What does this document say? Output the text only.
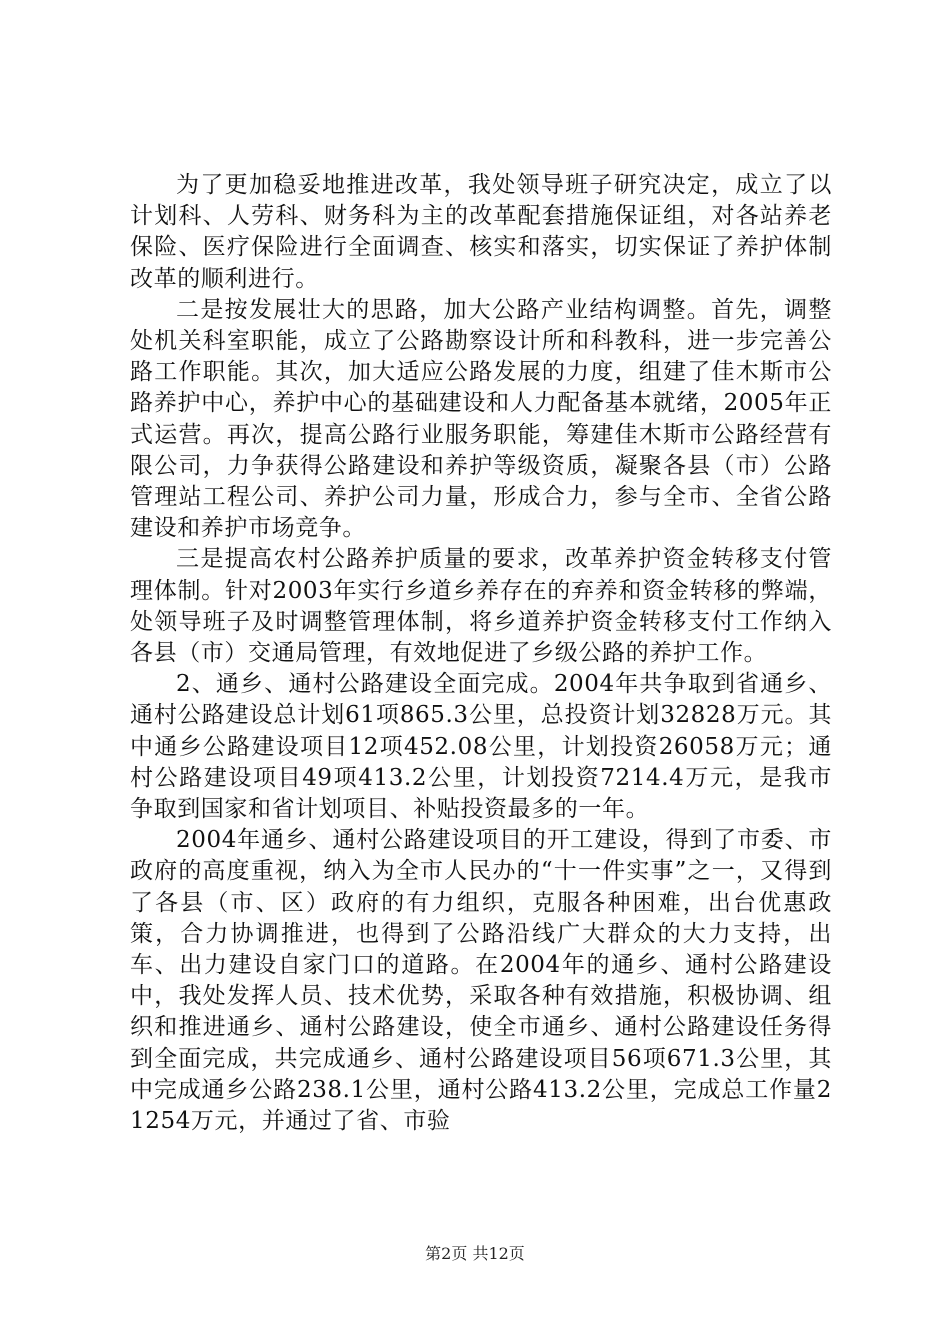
为了更加稳妥地推进改革，我处领导班子研究决定，成立了以计划科、人劳科、财务科为主的改革配套措施保证组，对各站养老保险、医疗保险进行全面调查、核实和落实，切实保证了养护体制改革的顺利进行。

二是按发展壮大的思路，加大公路产业结构调整。首先，调整处机关科室职能，成立了公路勘察设计所和科教科，进一步完善公路工作职能。其次，加大适应公路发展的力度，组建了佳木斯市公路养护中心，养护中心的基础建设和人力配备基本就绪，2005年正式运营。再次，提高公路行业服务职能，筹建佳木斯市公路经营有限公司，力争获得公路建设和养护等级资质，凝聚各县（市）公路管理站工程公司、养护公司力量，形成合力，参与全市、全省公路建设和养护市场竞争。

三是提高农村公路养护质量的要求，改革养护资金转移支付管理体制。针对2003年实行乡道乡养存在的弃养和资金转移的弊端，处领导班子及时调整管理体制，将乡道养护资金转移支付工作纳入各县（市）交通局管理，有效地促进了乡级公路的养护工作。

2、通乡、通村公路建设全面完成。2004年共争取到省通乡、通村公路建设总计划61项865.3公里，总投资计划32828万元。其中通乡公路建设项目12项452.08公里，计划投资26058万元；通村公路建设项目49项413.2公里，计划投资7214.4万元，是我市争取到国家和省计划项目、补贴投资最多的一年。

2004年通乡、通村公路建设项目的开工建设，得到了市委、市政府的高度重视，纳入为全市人民办的“十一件实事”之一，又得到了各县（市、区）政府的有力组织，克服各种困难，出台优惠政策，合力协调推进，也得到了公路沿线广大群众的大力支持，出车、出力建设自家门口的道路。在2004年的通乡、通村公路建设中，我处发挥人员、技术优势，采取各种有效措施，积极协调、组织和推进通乡、通村公路建设，使全市通乡、通村公路建设任务得到全面完成，共完成通乡、通村公路建设项目56项671.3公里，其中完成通乡公路238.1公里，通村公路413.2公里，完成总工作量21254万元，并通过了省、市验

第2页 共12页
